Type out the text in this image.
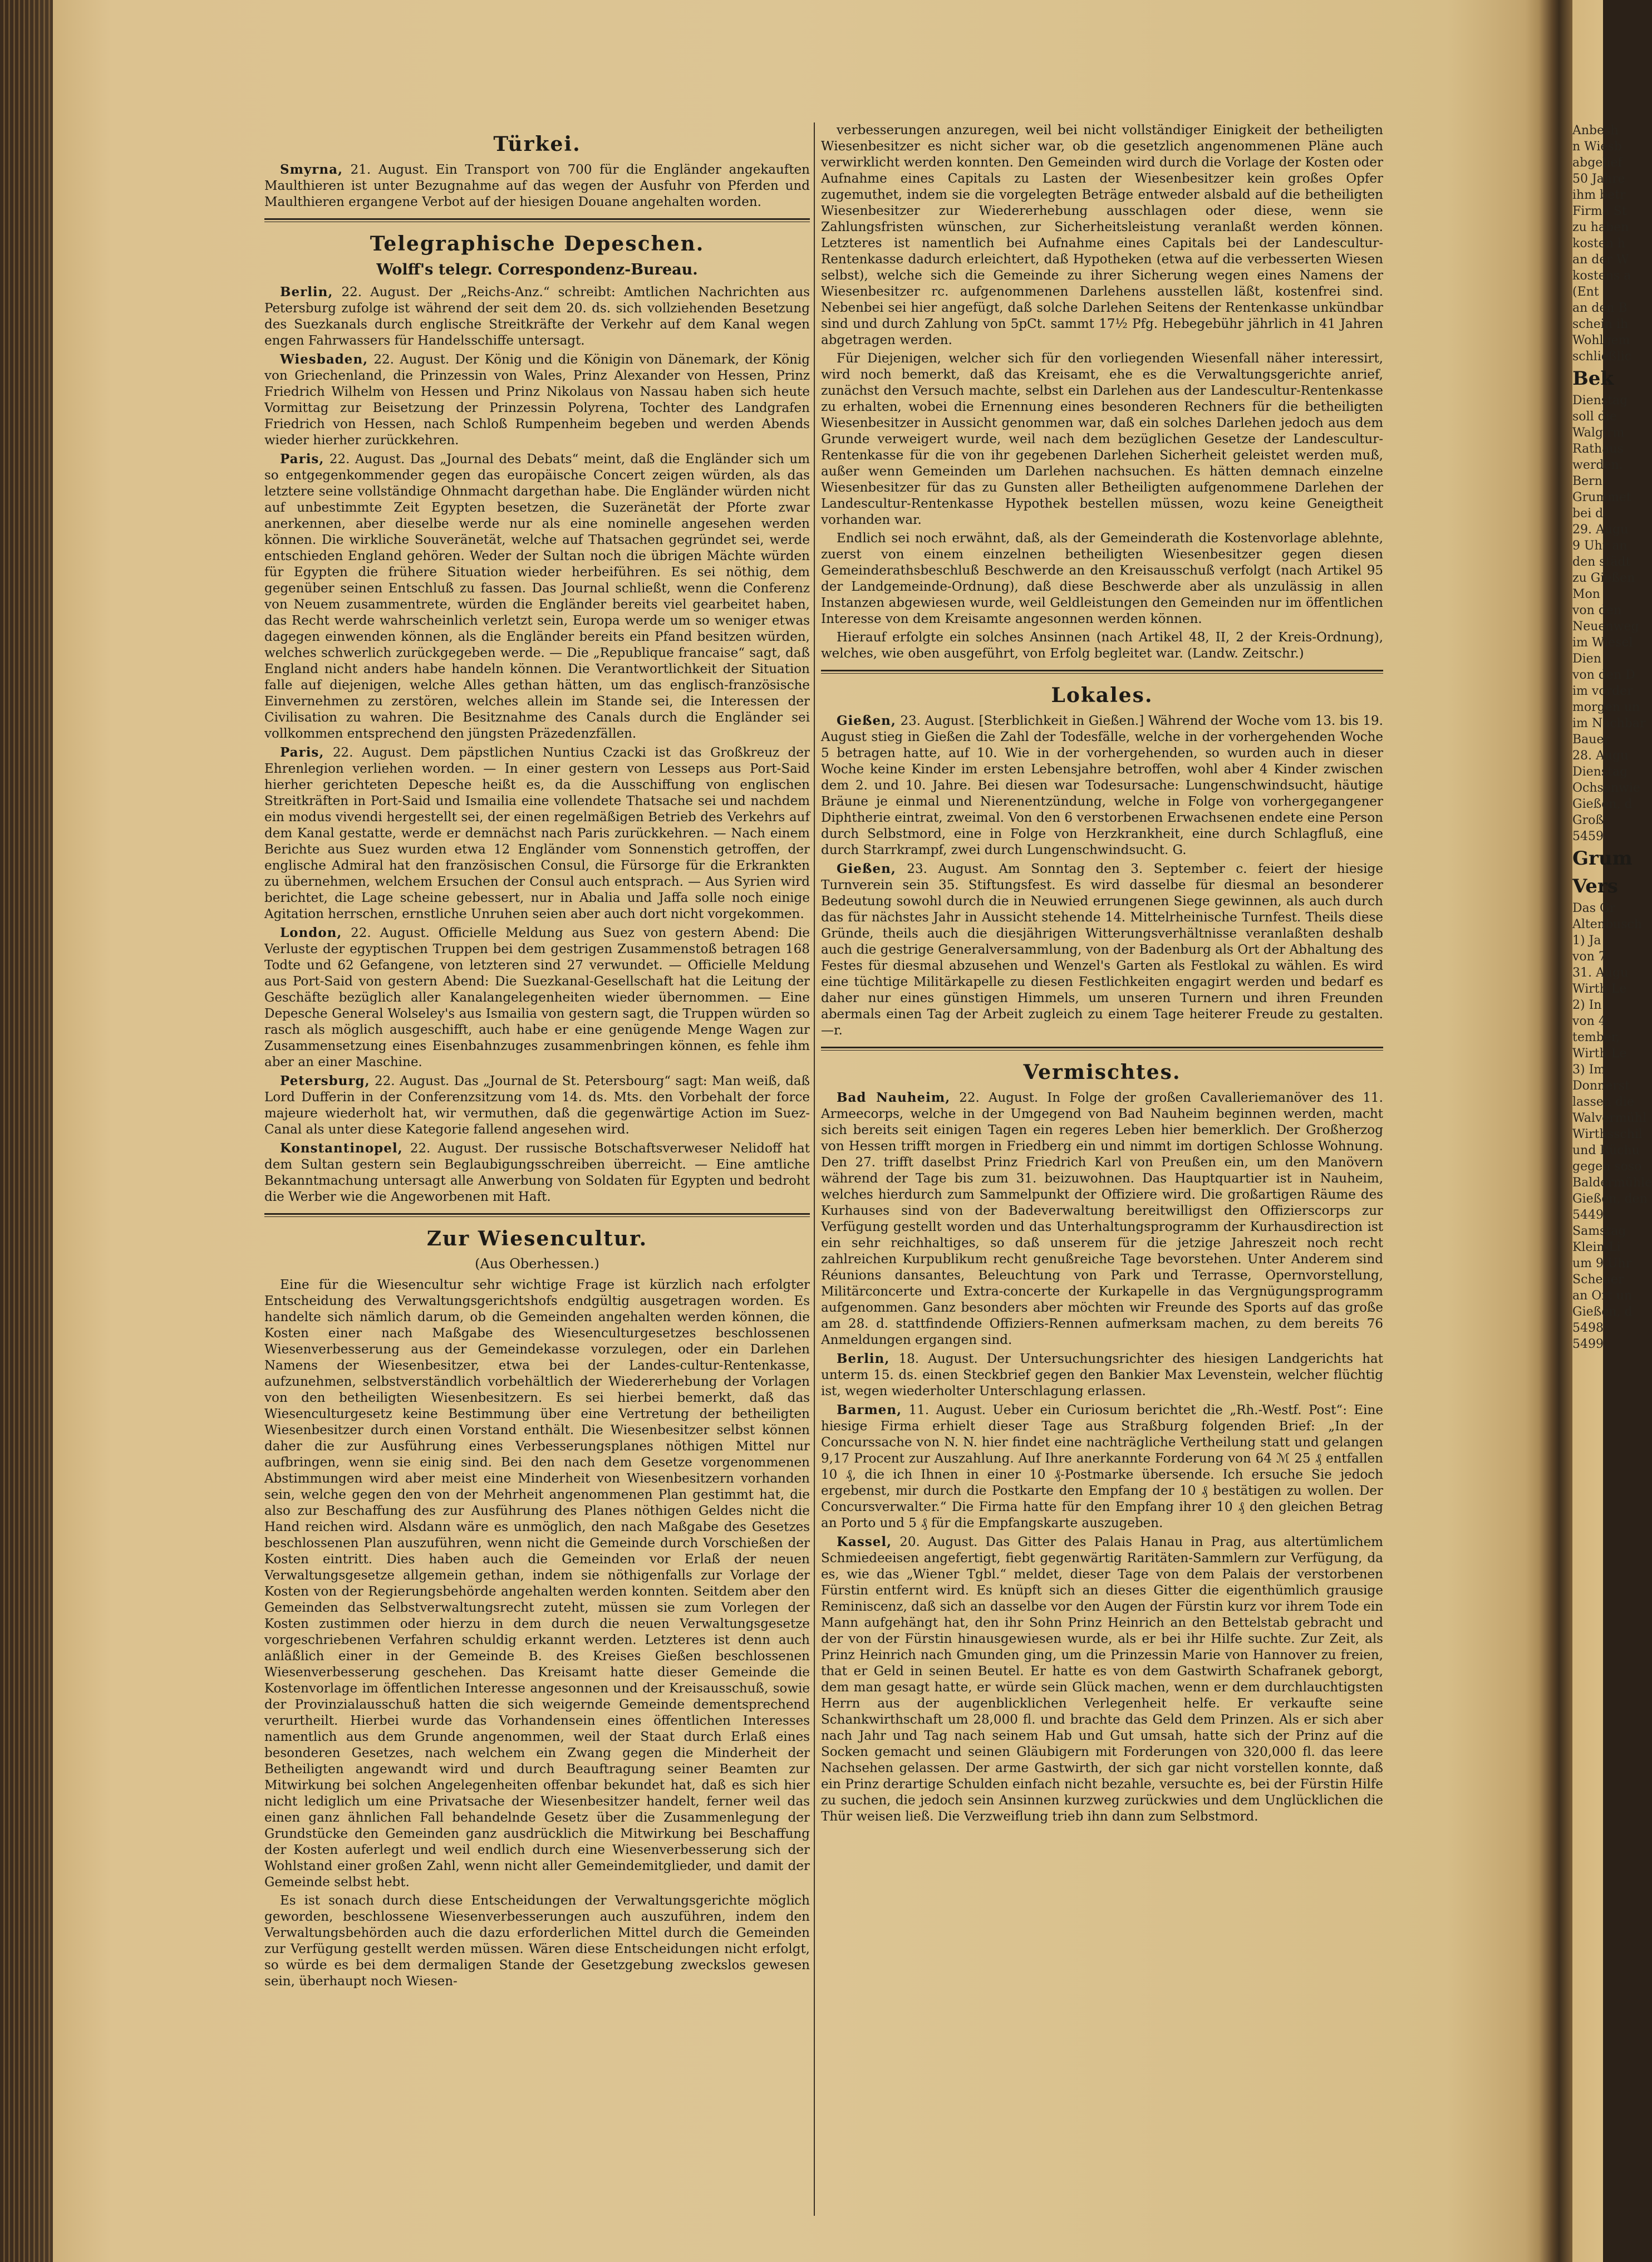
Türkei.

Smyrna, 21. August. Ein Transport von 700 für die Engländer angekauften Maulthieren ist unter Bezugnahme auf das wegen der Ausfuhr von Pferden und Maulthieren ergangene Verbot auf der hiesigen Douane angehalten worden.

Telegraphische Depeschen.
Wolff's telegr. Correspondenz-Bureau.

Berlin, 22. August. Der „Reichs-Anz.“ schreibt: Amtlichen Nachrichten aus Petersburg zufolge ist während der seit dem 20. ds. sich vollziehenden Besetzung des Suezkanals durch englische Streitkräfte der Verkehr auf dem Kanal wegen engen Fahrwassers für Handelsschiffe untersagt.

Wiesbaden, 22. August. Der König und die Königin von Dänemark, der König von Griechenland, die Prinzessin von Wales, Prinz Alexander von Hessen, Prinz Friedrich Wilhelm von Hessen und Prinz Nikolaus von Nassau haben sich heute Vormittag zur Beisetzung der Prinzessin Polyrena, Tochter des Landgrafen Friedrich von Hessen, nach Schloß Rumpenheim begeben und werden Abends wieder hierher zurückkehren.

Paris, 22. August. Das „Journal des Debats“ meint, daß die Engländer sich um so entgegenkommender gegen das europäische Concert zeigen würden, als das letztere seine vollständige Ohnmacht dargethan habe. Die Engländer würden nicht auf unbestimmte Zeit Egypten besetzen, die Suzeränetät der Pforte zwar anerkennen, aber dieselbe werde nur als eine nominelle angesehen werden können. Die wirkliche Souveränetät, welche auf Thatsachen gegründet sei, werde entschieden England gehören. Weder der Sultan noch die übrigen Mächte würden für Egypten die frühere Situation wieder herbeiführen. Es sei nöthig, dem gegenüber seinen Entschluß zu fassen. Das Journal schließt, wenn die Conferenz von Neuem zusammentrete, würden die Engländer bereits viel gearbeitet haben, das Recht werde wahrscheinlich verletzt sein, Europa werde um so weniger etwas dagegen einwenden können, als die Engländer bereits ein Pfand besitzen würden, welches schwerlich zurückgegeben werde. — Die „Republique francaise“ sagt, daß England nicht anders habe handeln können. Die Verantwortlichkeit der Situation falle auf diejenigen, welche Alles gethan hätten, um das englisch-französische Einvernehmen zu zerstören, welches allein im Stande sei, die Interessen der Civilisation zu wahren. Die Besitznahme des Canals durch die Engländer sei vollkommen entsprechend den jüngsten Präzedenzfällen.

Paris, 22. August. Dem päpstlichen Nuntius Czacki ist das Großkreuz der Ehrenlegion verliehen worden. — In einer gestern von Lesseps aus Port-Said hierher gerichteten Depesche heißt es, da die Ausschiffung von englischen Streitkräften in Port-Said und Ismailia eine vollendete Thatsache sei und nachdem ein modus vivendi hergestellt sei, der einen regelmäßigen Betrieb des Verkehrs auf dem Kanal gestatte, werde er demnächst nach Paris zurückkehren. — Nach einem Berichte aus Suez wurden etwa 12 Engländer vom Sonnenstich getroffen, der englische Admiral hat den französischen Consul, die Fürsorge für die Erkrankten zu übernehmen, welchem Ersuchen der Consul auch entsprach. — Aus Syrien wird berichtet, die Lage scheine gebessert, nur in Abalia und Jaffa solle noch einige Agitation herrschen, ernstliche Unruhen seien aber auch dort nicht vorgekommen.

London, 22. August. Officielle Meldung aus Suez von gestern Abend: Die Verluste der egyptischen Truppen bei dem gestrigen Zusammenstoß betragen 168 Todte und 62 Gefangene, von letzteren sind 27 verwundet. — Officielle Meldung aus Port-Said von gestern Abend: Die Suezkanal-Gesellschaft hat die Leitung der Geschäfte bezüglich aller Kanalangelegenheiten wieder übernommen. — Eine Depesche General Wolseley's aus Ismailia von gestern sagt, die Truppen würden so rasch als möglich ausgeschifft, auch habe er eine genügende Menge Wagen zur Zusammensetzung eines Eisenbahnzuges zusammenbringen können, es fehle ihm aber an einer Maschine.

Petersburg, 22. August. Das „Journal de St. Petersbourg“ sagt: Man weiß, daß Lord Dufferin in der Conferenzsitzung vom 14. ds. Mts. den Vorbehalt der force majeure wiederholt hat, wir vermuthen, daß die gegenwärtige Action im Suez-Canal als unter diese Kategorie fallend angesehen wird.

Konstantinopel, 22. August. Der russische Botschaftsverweser Nelidoff hat dem Sultan gestern sein Beglaubigungsschreiben überreicht. — Eine amtliche Bekanntmachung untersagt alle Anwerbung von Soldaten für Egypten und bedroht die Werber wie die Angeworbenen mit Haft.

Zur Wiesencultur.
(Aus Oberhessen.)

Eine für die Wiesencultur sehr wichtige Frage ist kürzlich nach erfolgter Entscheidung des Verwaltungsgerichtshofs endgültig ausgetragen worden. Es handelte sich nämlich darum, ob die Gemeinden angehalten werden können, die Kosten einer nach Maßgabe des Wiesenculturgesetzes beschlossenen Wiesenverbesserung aus der Gemeindekasse vorzulegen, oder ein Darlehen Namens der Wiesenbesitzer, etwa bei der Landes-cultur-Rentenkasse, aufzunehmen, selbstverständlich vorbehältlich der Wiedererhebung der Vorlagen von den betheiligten Wiesenbesitzern. Es sei hierbei bemerkt, daß das Wiesenculturgesetz keine Bestimmung über eine Vertretung der betheiligten Wiesenbesitzer durch einen Vorstand enthält. Die Wiesenbesitzer selbst können daher die zur Ausführung eines Verbesserungsplanes nöthigen Mittel nur aufbringen, wenn sie einig sind. Bei den nach dem Gesetze vorgenommenen Abstimmungen wird aber meist eine Minderheit von Wiesenbesitzern vorhanden sein, welche gegen den von der Mehrheit angenommenen Plan gestimmt hat, die also zur Beschaffung des zur Ausführung des Planes nöthigen Geldes nicht die Hand reichen wird. Alsdann wäre es unmöglich, den nach Maßgabe des Gesetzes beschlossenen Plan auszuführen, wenn nicht die Gemeinde durch Vorschießen der Kosten eintritt. Dies haben auch die Gemeinden vor Erlaß der neuen Verwaltungsgesetze allgemein gethan, indem sie nöthigenfalls zur Vorlage der Kosten von der Regierungsbehörde angehalten werden konnten. Seitdem aber den Gemeinden das Selbstverwaltungsrecht zuteht, müssen sie zum Vorlegen der Kosten zustimmen oder hierzu in dem durch die neuen Verwaltungsgesetze vorgeschriebenen Verfahren schuldig erkannt werden. Letzteres ist denn auch anläßlich einer in der Gemeinde B. des Kreises Gießen beschlossenen Wiesenverbesserung geschehen. Das Kreisamt hatte dieser Gemeinde die Kostenvorlage im öffentlichen Interesse angesonnen und der Kreisausschuß, sowie der Provinzialausschuß hatten die sich weigernde Gemeinde dementsprechend verurtheilt. Hierbei wurde das Vorhandensein eines öffentlichen Interesses namentlich aus dem Grunde angenommen, weil der Staat durch Erlaß eines besonderen Gesetzes, nach welchem ein Zwang gegen die Minderheit der Betheiligten angewandt wird und durch Beauftragung seiner Beamten zur Mitwirkung bei solchen Angelegenheiten offenbar bekundet hat, daß es sich hier nicht lediglich um eine Privatsache der Wiesenbesitzer handelt, ferner weil das einen ganz ähnlichen Fall behandelnde Gesetz über die Zusammenlegung der Grundstücke den Gemeinden ganz ausdrücklich die Mitwirkung bei Beschaffung der Kosten auferlegt und weil endlich durch eine Wiesenverbesserung sich der Wohlstand einer großen Zahl, wenn nicht aller Gemeindemitglieder, und damit der Gemeinde selbst hebt.

Es ist sonach durch diese Entscheidungen der Verwaltungsgerichte möglich geworden, beschlossene Wiesenverbesserungen auch auszuführen, indem den Verwaltungsbehörden auch die dazu erforderlichen Mittel durch die Gemeinden zur Verfügung gestellt werden müssen. Wären diese Entscheidungen nicht erfolgt, so würde es bei dem dermaligen Stande der Gesetzgebung zweckslos gewesen sein, überhaupt noch Wiesen-

verbesserungen anzuregen, weil bei nicht vollständiger Einigkeit der betheiligten Wiesenbesitzer es nicht sicher war, ob die gesetzlich angenommenen Pläne auch verwirklicht werden konnten. Den Gemeinden wird durch die Vorlage der Kosten oder Aufnahme eines Capitals zu Lasten der Wiesenbesitzer kein großes Opfer zugemuthet, indem sie die vorgelegten Beträge entweder alsbald auf die betheiligten Wiesenbesitzer zur Wiedererhebung ausschlagen oder diese, wenn sie Zahlungsfristen wünschen, zur Sicherheitsleistung veranlaßt werden können. Letzteres ist namentlich bei Aufnahme eines Capitals bei der Landescultur-Rentenkasse dadurch erleichtert, daß Hypotheken (etwa auf die verbesserten Wiesen selbst), welche sich die Gemeinde zu ihrer Sicherung wegen eines Namens der Wiesenbesitzer rc. aufgenommenen Darlehens ausstellen läßt, kostenfrei sind. Nebenbei sei hier angefügt, daß solche Darlehen Seitens der Rentenkasse unkündbar sind und durch Zahlung von 5pCt. sammt 17½ Pfg. Hebegebühr jährlich in 41 Jahren abgetragen werden.

Für Diejenigen, welcher sich für den vorliegenden Wiesenfall näher interessirt, wird noch bemerkt, daß das Kreisamt, ehe es die Verwaltungsgerichte anrief, zunächst den Versuch machte, selbst ein Darlehen aus der Landescultur-Rentenkasse zu erhalten, wobei die Ernennung eines besonderen Rechners für die betheiligten Wiesenbesitzer in Aussicht genommen war, daß ein solches Darlehen jedoch aus dem Grunde verweigert wurde, weil nach dem bezüglichen Gesetze der Landescultur-Rentenkasse für die von ihr gegebenen Darlehen Sicherheit geleistet werden muß, außer wenn Gemeinden um Darlehen nachsuchen. Es hätten demnach einzelne Wiesenbesitzer für das zu Gunsten aller Betheiligten aufgenommene Darlehen der Landescultur-Rentenkasse Hypothek bestellen müssen, wozu keine Geneigtheit vorhanden war.

Endlich sei noch erwähnt, daß, als der Gemeinderath die Kostenvorlage ablehnte, zuerst von einem einzelnen betheiligten Wiesenbesitzer gegen diesen Gemeinderathsbeschluß Beschwerde an den Kreisausschuß verfolgt (nach Artikel 95 der Landgemeinde-Ordnung), daß diese Beschwerde aber als unzulässig in allen Instanzen abgewiesen wurde, weil Geldleistungen den Gemeinden nur im öffentlichen Interesse von dem Kreisamte angesonnen werden können.

Hierauf erfolgte ein solches Ansinnen (nach Artikel 48, II, 2 der Kreis-Ordnung), welches, wie oben ausgeführt, von Erfolg begleitet war. (Landw. Zeitschr.)

Lokales.

Gießen, 23. August. [Sterblichkeit in Gießen.] Während der Woche vom 13. bis 19. August stieg in Gießen die Zahl der Todesfälle, welche in der vorhergehenden Woche 5 betragen hatte, auf 10. Wie in der vorhergehenden, so wurden auch in dieser Woche keine Kinder im ersten Lebensjahre betroffen, wohl aber 4 Kinder zwischen dem 2. und 10. Jahre. Bei diesen war Todesursache: Lungenschwindsucht, häutige Bräune je einmal und Nierenentzündung, welche in Folge von vorhergegangener Diphtherie eintrat, zweimal. Von den 6 verstorbenen Erwachsenen endete eine Person durch Selbstmord, eine in Folge von Herzkrankheit, eine durch Schlagfluß, eine durch Starrkrampf, zwei durch Lungenschwindsucht. G.

Gießen, 23. August. Am Sonntag den 3. September c. feiert der hiesige Turnverein sein 35. Stiftungsfest. Es wird dasselbe für diesmal an besonderer Bedeutung sowohl durch die in Neuwied errungenen Siege gewinnen, als auch durch das für nächstes Jahr in Aussicht stehende 14. Mittelrheinische Turnfest. Theils diese Gründe, theils auch die diesjährigen Witterungsverhältnisse veranlaßten deshalb auch die gestrige Generalversammlung, von der Badenburg als Ort der Abhaltung des Festes für diesmal abzusehen und Wenzel's Garten als Festlokal zu wählen. Es wird eine tüchtige Militärkapelle zu diesen Festlichkeiten engagirt werden und bedarf es daher nur eines günstigen Himmels, um unseren Turnern und ihren Freunden abermals einen Tag der Arbeit zugleich zu einem Tage heiterer Freude zu gestalten. —r.

Vermischtes.

Bad Nauheim, 22. August. In Folge der großen Cavalleriemanöver des 11. Armeecorps, welche in der Umgegend von Bad Nauheim beginnen werden, macht sich bereits seit einigen Tagen ein regeres Leben hier bemerklich. Der Großherzog von Hessen trifft morgen in Friedberg ein und nimmt im dortigen Schlosse Wohnung. Den 27. trifft daselbst Prinz Friedrich Karl von Preußen ein, um den Manövern während der Tage bis zum 31. beizuwohnen. Das Hauptquartier ist in Nauheim, welches hierdurch zum Sammelpunkt der Offiziere wird. Die großartigen Räume des Kurhauses sind von der Badeverwaltung bereitwilligst den Offizierscorps zur Verfügung gestellt worden und das Unterhaltungsprogramm der Kurhausdirection ist ein sehr reichhaltiges, so daß unserem für die jetzige Jahreszeit noch recht zahlreichen Kurpublikum recht genußreiche Tage bevorstehen. Unter Anderem sind Réunions dansantes, Beleuchtung von Park und Terrasse, Opernvorstellung, Militärconcerte und Extra-concerte der Kurkapelle in das Vergnügungsprogramm aufgenommen. Ganz besonders aber möchten wir Freunde des Sports auf das große am 28. d. stattfindende Offiziers-Rennen aufmerksam machen, zu dem bereits 76 Anmeldungen ergangen sind.

Berlin, 18. August. Der Untersuchungsrichter des hiesigen Landgerichts hat unterm 15. ds. einen Steckbrief gegen den Bankier Max Levenstein, welcher flüchtig ist, wegen wiederholter Unterschlagung erlassen.

Barmen, 11. August. Ueber ein Curiosum berichtet die „Rh.-Westf. Post“: Eine hiesige Firma erhielt dieser Tage aus Straßburg folgenden Brief: „In der Concurssache von N. N. hier findet eine nachträgliche Vertheilung statt und gelangen 9,17 Procent zur Auszahlung. Auf Ihre anerkannte Forderung von 64 ℳ 25 ₰ entfallen 10 ₰, die ich Ihnen in einer 10 ₰-Postmarke übersende. Ich ersuche Sie jedoch ergebenst, mir durch die Postkarte den Empfang der 10 ₰ bestätigen zu wollen. Der Concursverwalter.“ Die Firma hatte für den Empfang ihrer 10 ₰ den gleichen Betrag an Porto und 5 ₰ für die Empfangskarte auszugeben.

Kassel, 20. August. Das Gitter des Palais Hanau in Prag, aus altertümlichem Schmiedeeisen angefertigt, fiebt gegenwärtig Raritäten-Sammlern zur Verfügung, da es, wie das „Wiener Tgbl.“ meldet, dieser Tage von dem Palais der verstorbenen Fürstin entfernt wird. Es knüpft sich an dieses Gitter die eigenthümlich grausige Reminiscenz, daß sich an dasselbe vor den Augen der Fürstin kurz vor ihrem Tode ein Mann aufgehängt hat, den ihr Sohn Prinz Heinrich an den Bettelstab gebracht und der von der Fürstin hinausgewiesen wurde, als er bei ihr Hilfe suchte. Zur Zeit, als Prinz Heinrich nach Gmunden ging, um die Prinzessin Marie von Hannover zu freien, that er Geld in seinen Beutel. Er hatte es von dem Gastwirth Schafranek geborgt, dem man gesagt hatte, er würde sein Glück machen, wenn er dem durchlauchtigsten Herrn aus der augenblicklichen Verlegenheit helfe. Er verkaufte seine Schankwirthschaft um 28,000 fl. und brachte das Geld dem Prinzen. Als er sich aber nach Jahr und Tag nach seinem Hab und Gut umsah, hatte sich der Prinz auf die Socken gemacht und seinen Gläubigern mit Forderungen von 320,000 fl. das leere Nachsehen gelassen. Der arme Gastwirth, der sich gar nicht vorstellen konnte, daß ein Prinz derartige Schulden einfach nicht bezahle, versuchte es, bei der Fürstin Hilfe zu suchen, die jedoch sein Ansinnen kurzweg zurückwies und dem Unglücklichen die Thür weisen ließ. Die Verzweiflung trieb ihn dann zum Selbstmord.

Anbesh
n Wiesb
abgelief
50 Jahre
ihm betr
Firma St
zu haben
kosten h
an der W
kostens a
(Ent
an den B
schein ih
Wohlgem
schließlic
Bek
Dienstag
soll die
Walgirm
Rathaus
werden.
Bern
Grummet
bei d
29. Augu
9 Uhr an
den städt
zu Gießen
Mon
von den
Neuenweg
im Wiesel
Dien
von den D
im vorder
morgen un
im Nachbar
Bauer
28. Augu
Dienstag
Ochsenwie
Gießen, d
Groß
5459
Grum
Vers
Das Gr
Altenbusch
1) Ja
von 7
31. Augu
Wirth Le
2) In
von 4
tember,
Wirth Le
3) Im
Donnerst
lassen die
Walvermühl
Wirthsschil
und Rüchu
gegen soso
Baldermühle
Gießen, den
5449
Samstag
Klein-Li
um 9 Uhr
Scheuer
an Ort un
Gießen, d
5498
5499
